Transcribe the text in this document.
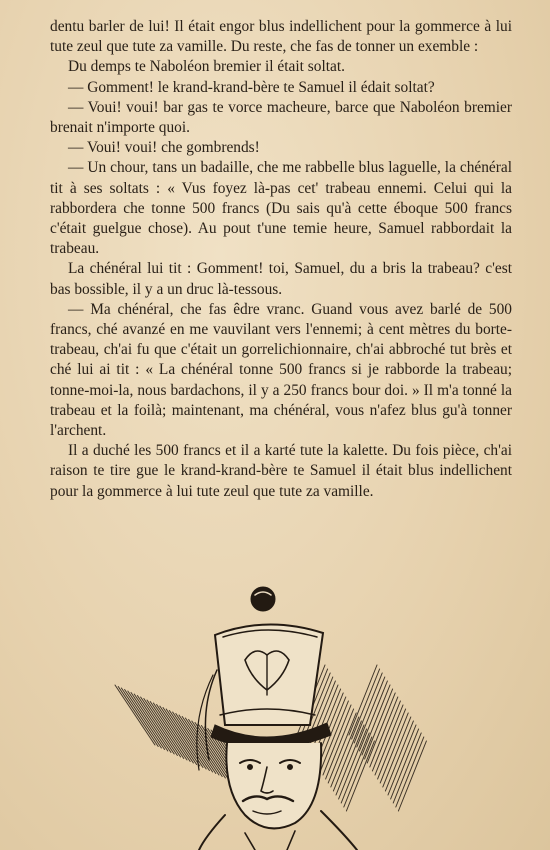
dentu barler de lui! Il était engor blus indellichent pour la gommerce à lui tute zeul que tute za vamille. Du reste, che fas de tonner un exemble :

Du demps te Naboléon bremier il était soltat.

— Gomment! le krand-krand-bère te Samuel il édait soltat?

— Voui! voui! bar gas te vorce macheure, barce que Naboléon bremier brenait n'importe quoi.

— Voui! voui! che gombrends!

— Un chour, tans un badaille, che me rabbelle blus laguelle, la chénéral tit à ses soltats : « Vus foyez là-pas cet' trabeau ennemi. Celui qui la rabbordera che tonne 500 francs (Du sais qu'à cette éboque 500 francs c'était guelgue chose). Au pout t'une temie heure, Samuel rabbordait la trabeau.

La chénéral lui tit : Gomment! toi, Samuel, du a bris la trabeau? c'est bas bossible, il y a un druc là-tessous.

— Ma chénéral, che fas êdre vranc. Guand vous avez barlé de 500 francs, ché avanzé en me vauvilant vers l'ennemi; à cent mètres du borte-trabeau, ch'ai fu que c'était un gorrelichionnaire, ch'ai abbroché tut brès et ché lui ai tit : « La chénéral tonne 500 francs si je rabborde la trabeau; tonne-moi-la, nous bardachons, il y a 250 francs bour doi. » Il m'a tonné la trabeau et la foilà; maintenant, ma chénéral, vous n'afez blus gu'à tonner l'archent.

Il a duché les 500 francs et il a karté tute la kalette. Du fois pièce, ch'ai raison te tire gue le krand-krand-bère te Samuel il était blus indellichent pour la gommerce à lui tute zeul que tute za vamille.
